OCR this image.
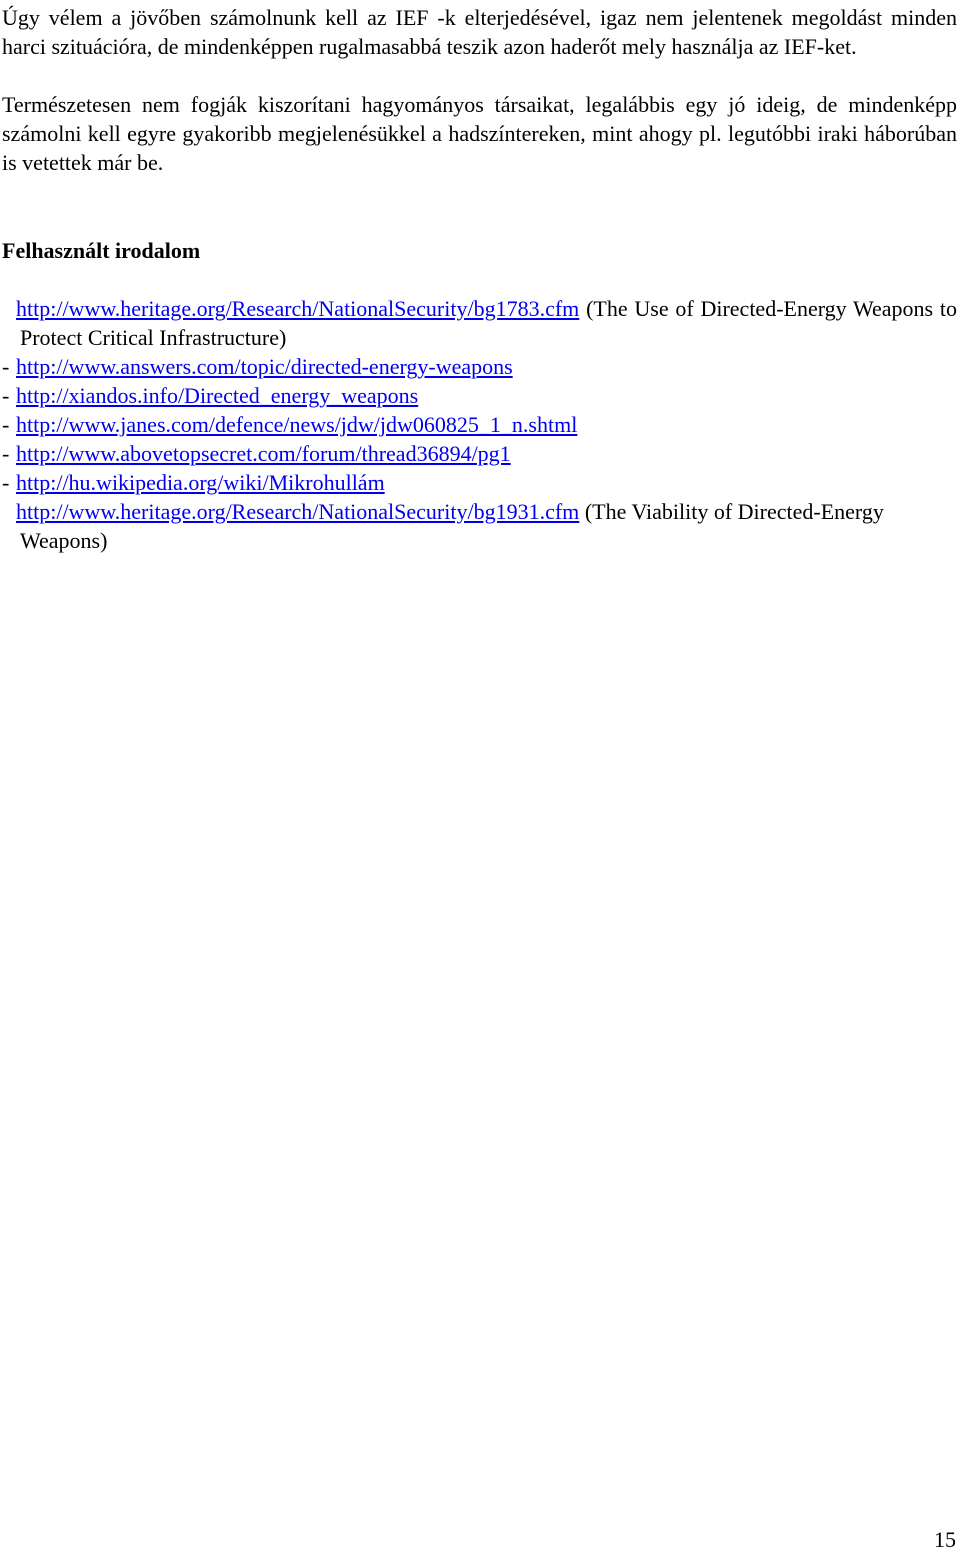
Úgy vélem a jövőben számolnunk kell az IEF -k elterjedésével, igaz nem jelentenek megoldást minden harci szituációra, de mindenképpen rugalmasabbá teszik azon haderőt mely használja az IEF-ket.

Természetesen nem fogják kiszorítani hagyományos társaikat, legalábbis egy jó ideig, de mindenképp számolni kell egyre gyakoribb megjelenésükkel a hadszíntereken, mint ahogy pl. legutóbbi iraki háborúban is vetettek már be.

Felhasznált irodalom
http://www.heritage.org/Research/NationalSecurity/bg1783.cfm (The Use of Directed-Energy Weapons to Protect Critical Infrastructure)
- http://www.answers.com/topic/directed-energy-weapons
- http://xiandos.info/Directed_energy_weapons
- http://www.janes.com/defence/news/jdw/jdw060825_1_n.shtml
- http://www.abovetopsecret.com/forum/thread36894/pg1
- http://hu.wikipedia.org/wiki/Mikrohullám
http://www.heritage.org/Research/NationalSecurity/bg1931.cfm (The Viability of Directed-Energy Weapons)
15
